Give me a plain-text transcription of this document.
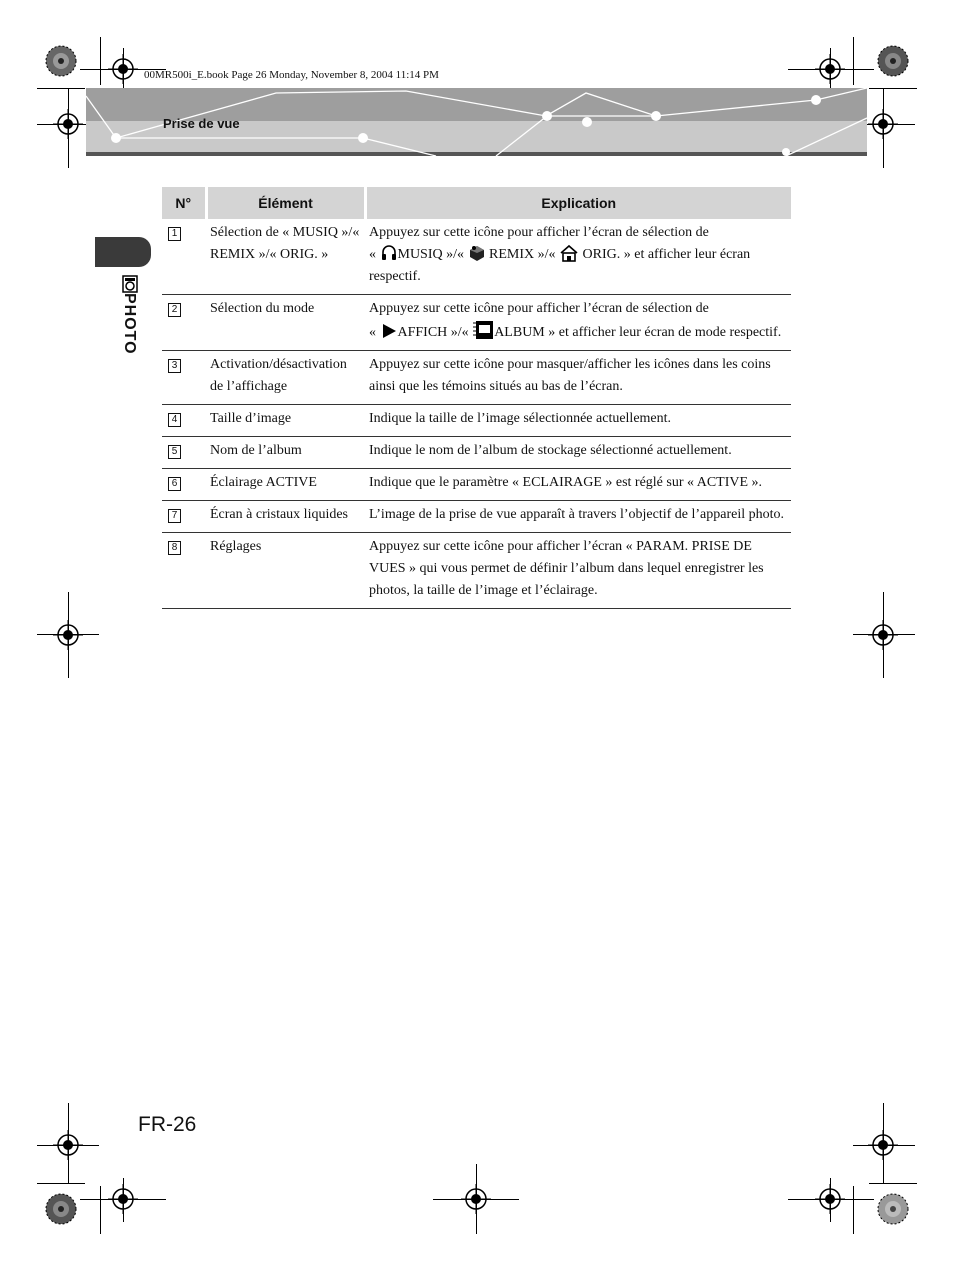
00MR500i_E.book Page 26 Monday, November 8, 2004 11:14 PM
Prise de vue
PHOTO
N°	Élément	Explication
1	Sélection de « MUSIQ »/« REMIX »/« ORIG. »	Appuyez sur cette icône pour afficher l’écran de sélection de
« MUSIQ »/«  REMIX »/«  ORIG. » et afficher leur écran respectif.
2	Sélection du mode	Appuyez sur cette icône pour afficher l’écran de sélection de
« AFFICH »/« ALBUM » et afficher leur écran de mode respectif.
3	Activation/désactivation de l’affichage	Appuyez sur cette icône pour masquer/afficher les icônes dans les coins ainsi que les témoins situés au bas de l’écran.
4	Taille d’image	Indique la taille de l’image sélectionnée actuellement.
5	Nom de l’album	Indique le nom de l’album de stockage sélectionné actuellement.
6	Éclairage ACTIVE	Indique que le paramètre « ECLAIRAGE » est réglé sur « ACTIVE ».
7	Écran à cristaux liquides	L’image de la prise de vue apparaît à travers l’objectif de l’appareil photo.
8	Réglages	Appuyez sur cette icône pour afficher l’écran « PARAM. PRISE DE VUES » qui vous permet de définir l’album dans lequel enregistrer les photos, la taille de l’image et l’éclairage.
FR-26
